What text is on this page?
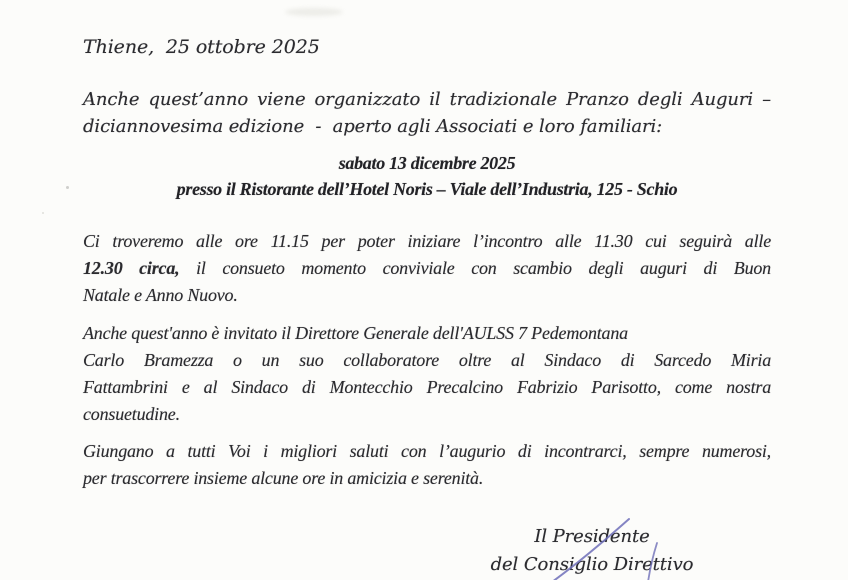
Thiene,  25 ottobre 2025
Anche quest’anno viene organizzato il tradizionale Pranzo degli Auguri –
diciannovesima edizione  -  aperto agli Associati e loro familiari:
sabato 13 dicembre 2025
presso il Ristorante dell’Hotel Noris – Viale dell’Industria, 125 - Schio
Ci troveremo alle ore 11.15 per poter iniziare l’incontro alle 11.30 cui seguirà alle
12.30 circa, il consueto momento conviviale con scambio degli auguri di Buon
Natale e Anno Nuovo.
Anche quest'anno è invitato il Direttore Generale dell'AULSS 7 Pedemontana
Carlo Bramezza o un suo collaboratore oltre al Sindaco di Sarcedo Miria
Fattambrini e al Sindaco di Montecchio Precalcino Fabrizio Parisotto, come nostra
consuetudine.
Giungano a tutti Voi i migliori saluti con l’augurio di incontrarci, sempre numerosi,
per trascorrere insieme alcune ore in amicizia e serenità.
Il Presidente
del Consiglio Direttivo
